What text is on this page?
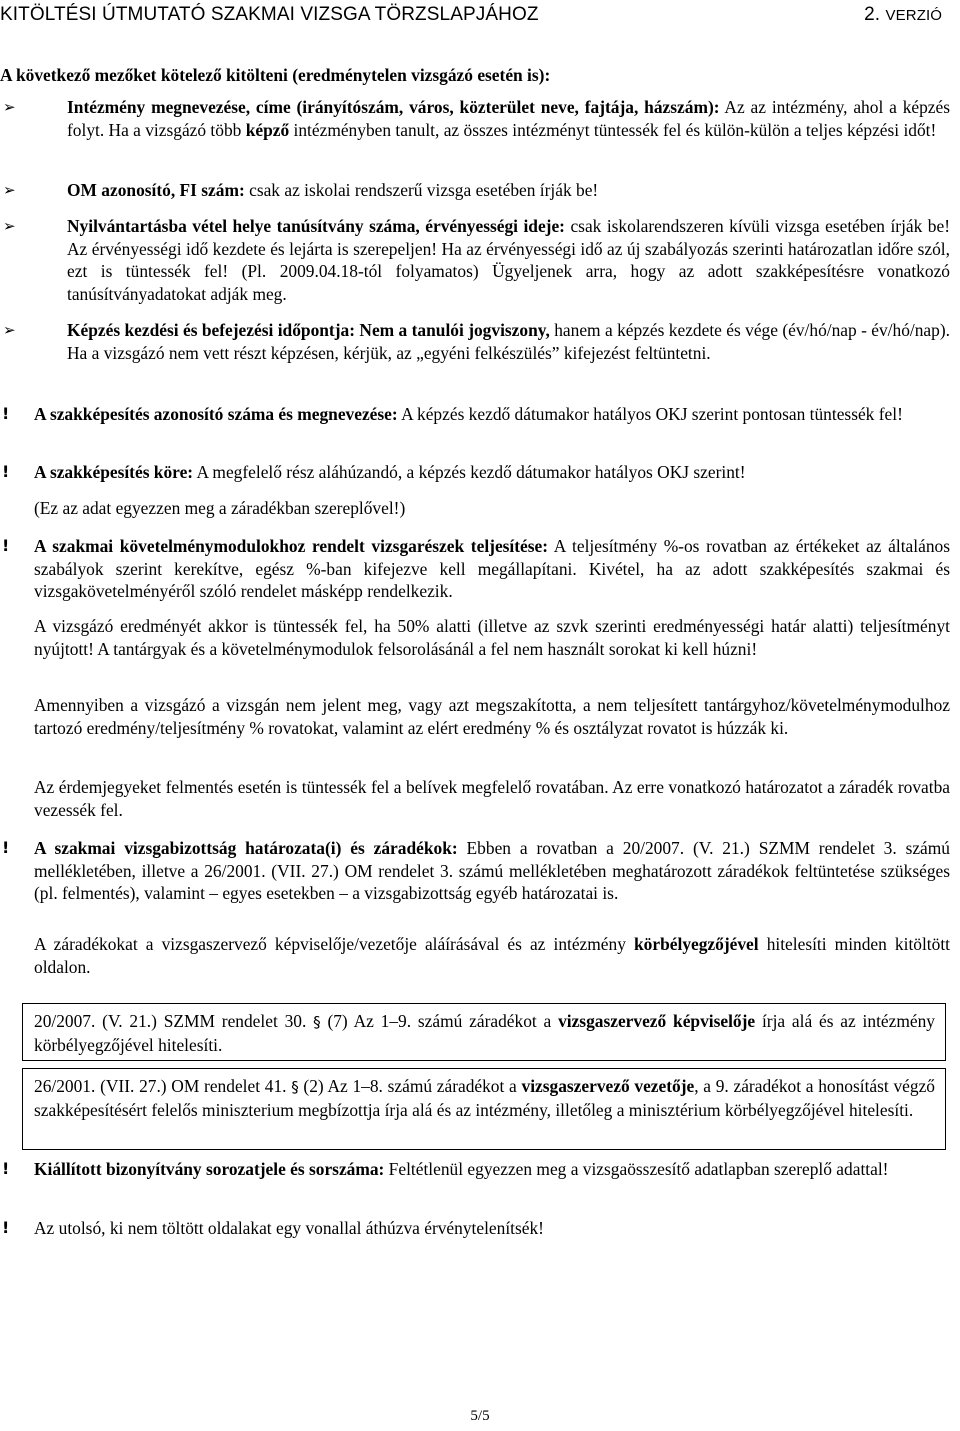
KITÖLTÉSI ÚTMUTATÓ SZAKMAI VIZSGA TÖRZSLAPJÁHOZ	2. VERZIÓ
A következő mezőket kötelező kitölteni (eredménytelen vizsgázó esetén is):
➢	Intézmény megnevezése, címe (irányítószám, város, közterület neve, fajtája, házszám): Az az intézmény, ahol a képzés folyt. Ha a vizsgázó több képző intézményben tanult, az összes intézményt tüntessék fel és külön-külön a teljes képzési időt!
➢	OM azonosító, FI szám: csak az iskolai rendszerű vizsga esetében írják be!
➢	Nyilvántartásba vétel helye tanúsítvány száma, érvényességi ideje: csak iskolarendszeren kívüli vizsga esetében írják be! Az érvényességi idő kezdete és lejárta is szerepeljen! Ha az érvényességi idő az új szabályozás szerinti határozatlan időre szól, ezt is tüntessék fel! (Pl. 2009.04.18-tól folyamatos) Ügyeljenek arra, hogy az adott szakképesítésre vonatkozó tanúsítványadatokat adják meg.
➢	Képzés kezdési és befejezési időpontja: Nem a tanulói jogviszony, hanem a képzés kezdete és vége (év/hó/nap - év/hó/nap). Ha a vizsgázó nem vett részt képzésen, kérjük, az „egyéni felkészülés” kifejezést feltüntetni.
!	A szakképesítés azonosító száma és megnevezése: A képzés kezdő dátumakor hatályos OKJ szerint pontosan tüntessék fel!
!	A szakképesítés köre: A megfelelő rész aláhúzandó, a képzés kezdő dátumakor hatályos OKJ szerint!
(Ez az adat egyezzen meg a záradékban szereplővel!)
!	A szakmai követelménymodulokhoz rendelt vizsgarészek teljesítése: A teljesítmény %-os rovatban az értékeket az általános szabályok szerint kerekítve, egész %-ban kifejezve kell megállapítani. Kivétel, ha az adott szakképesítés szakmai és vizsgakövetelményéről szóló rendelet másképp rendelkezik.
A vizsgázó eredményét akkor is tüntessék fel, ha 50% alatti (illetve az szvk szerinti eredményességi határ alatti) teljesítményt nyújtott! A tantárgyak és a követelménymodulok felsorolásánál a fel nem használt sorokat ki kell húzni!
Amennyiben a vizsgázó a vizsgán nem jelent meg, vagy azt megszakította, a nem teljesített tantárgyhoz/követelménymodulhoz tartozó eredmény/teljesítmény % rovatokat, valamint az elért eredmény % és osztályzat rovatot is húzzák ki.
Az érdemjegyeket felmentés esetén is tüntessék fel a belívek megfelelő rovatában. Az erre vonatkozó határozatot a záradék rovatba vezessék fel.
!	A szakmai vizsgabizottság határozata(i) és záradékok: Ebben a rovatban a 20/2007. (V. 21.) SZMM rendelet 3. számú mellékletében, illetve a 26/2001. (VII. 27.) OM rendelet 3. számú mellékletében meghatározott záradékok feltüntetése szükséges (pl. felmentés), valamint – egyes esetekben – a vizsgabizottság egyéb határozatai is.
A záradékokat a vizsgaszervező képviselője/vezetője aláírásával és az intézmény körbélyegzőjével hitelesíti minden kitöltött oldalon.
20/2007. (V. 21.) SZMM rendelet 30. § (7) Az 1–9. számú záradékot a vizsgaszervező képviselője írja alá és az intézmény körbélyegzőjével hitelesíti.
26/2001. (VII. 27.) OM rendelet 41. § (2) Az 1–8. számú záradékot a vizsgaszervező vezetője, a 9. záradékot a honosítást végző szakképesítésért felelős miniszterium megbízottja írja alá és az intézmény, illetőleg a minisztérium körbélyegzőjével hitelesíti.
!	Kiállított bizonyítvány sorozatjele és sorszáma: Feltétlenül egyezzen meg a vizsgaösszesítő adatlapban szereplő adattal!
!	Az utolsó, ki nem töltött oldalakat egy vonallal áthúzva érvénytelenítsék!
5/5
